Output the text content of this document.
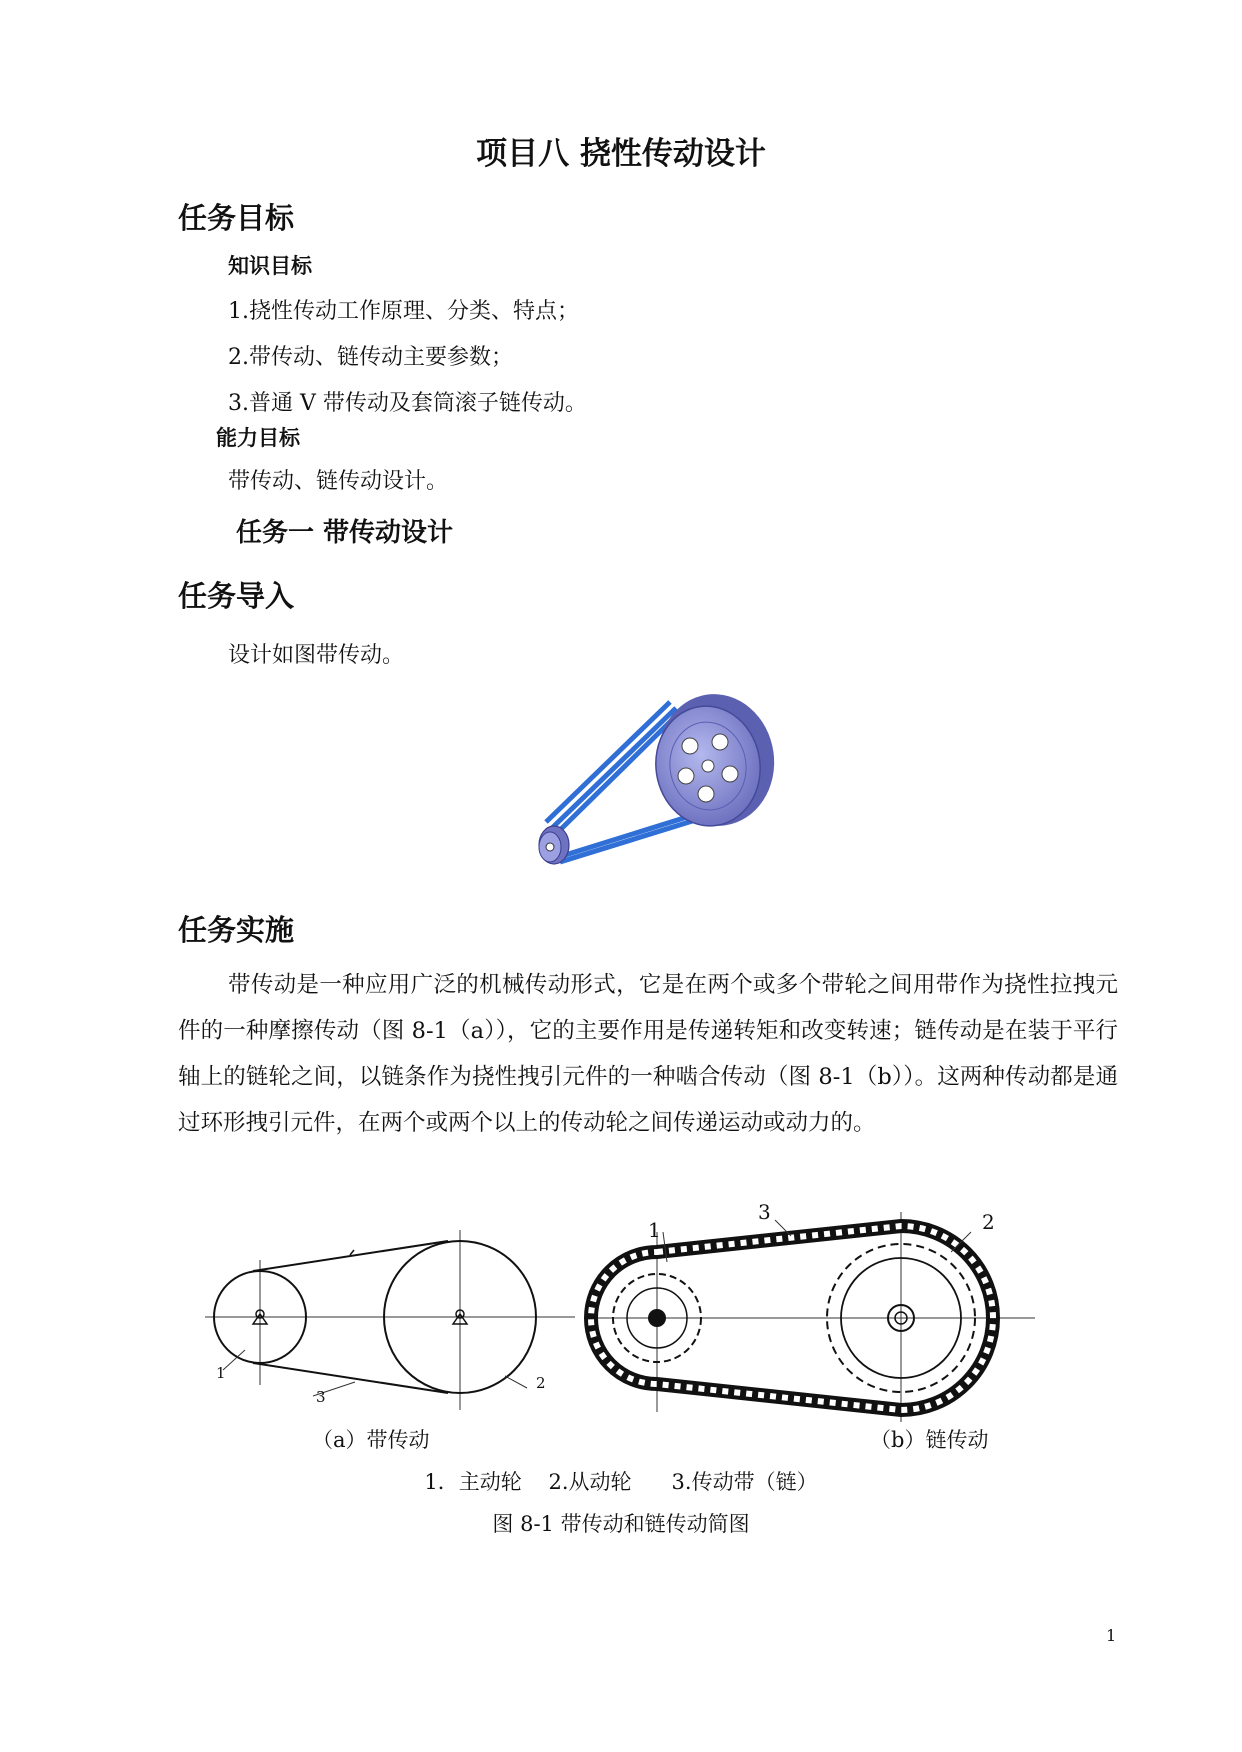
项目八 挠性传动设计
任务目标
知识目标
1.挠性传动工作原理、分类、特点；
2.带传动、链传动主要参数；
3.普通 V 带传动及套筒滚子链传动。
能力目标
带传动、链传动设计。
任务一 带传动设计
任务导入
设计如图带传动。
任务实施

带传动是一种应用广泛的机械传动形式，它是在两个或多个带轮之间用带作为挠性拉拽元件的一种摩擦传动（图 8-1（a）），它的主要作用是传递转矩和改变转速；链传动是在装于平行轴上的链轮之间，以链条作为挠性拽引元件的一种啮合传动（图 8-1（b））。这两种传动都是通过环形拽引元件，在两个或两个以上的传动轮之间传递运动或动力的。

1
2
3
1	2
3
（a）带传动	（b）链传动
1．主动轮    2.从动轮      3.传动带（链）
图 8-1 带传动和链传动简图
1
